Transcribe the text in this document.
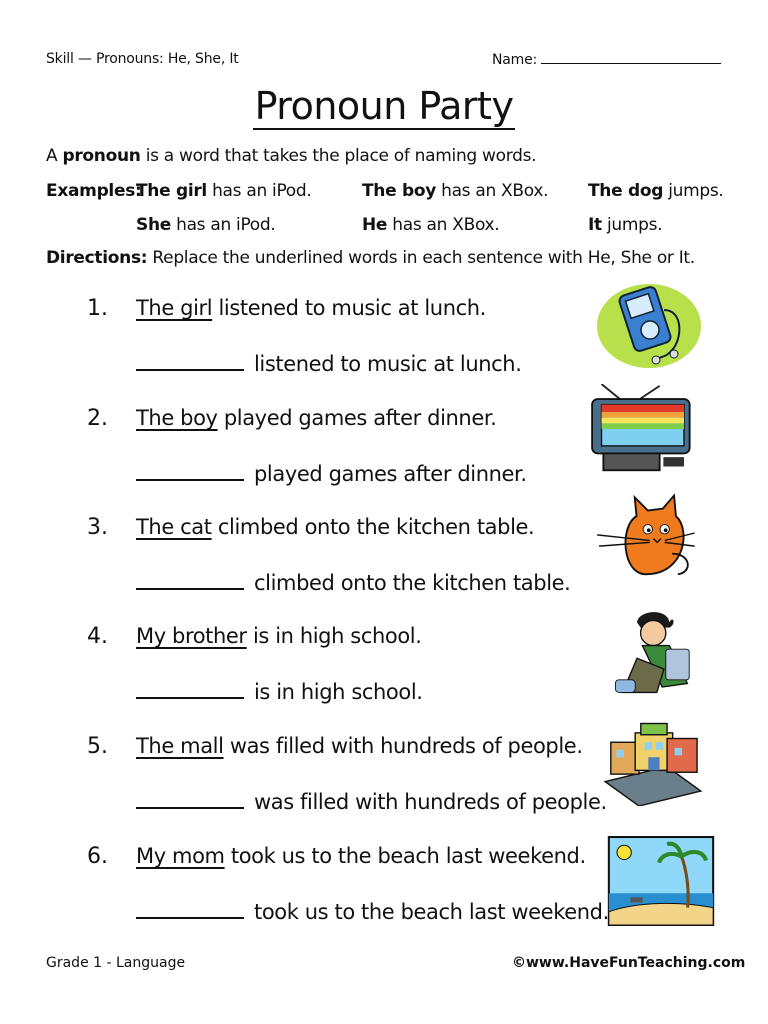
Skill — Pronouns: He, She, It	Name:
Pronoun Party
A pronoun is a word that takes the place of naming words.
Examples:
The girl has an iPod.	The boy has an XBox. The dog jumps.
She has an iPod.	He has an XBox.	It jumps.
Directions: Replace the underlined words in each sentence with He, She or It.
1. The girl listened to music at lunch.
listened to music at lunch.
2. The boy played games after dinner.
played games after dinner.
3. The cat climbed onto the kitchen table.
climbed onto the kitchen table.
4. My brother is in high school.
is in high school.
5. The mall was filled with hundreds of people.
was filled with hundreds of people.
6. My mom took us to the beach last weekend.
took us to the beach last weekend.
Grade 1 - Language	©www.HaveFunTeaching.com
